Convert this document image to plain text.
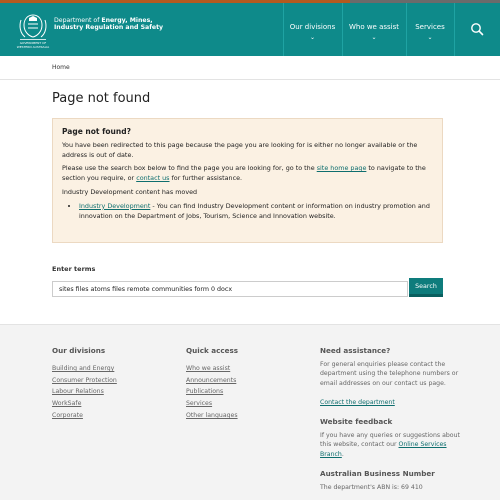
GOVERNMENT OF
WESTERN AUSTRALIA
Department of Energy, Mines,
Industry Regulation and Safety	Our divisions
⌄
Who we assist
⌄
Services
⌄
Home
Page not found
Page not found?

You have been redirected to this page because the page you are looking for is either no longer available or the address is out of date.

Please use the search box below to find the page you are looking for, go to the site home page to navigate to the section you require, or contact us for further assistance.

Industry Development content has moved

• Industry Development - You can find Industry Development content or information on industry promotion and innovation on the Department of Jobs, Tourism, Science and Innovation website.
Enter terms
sites files atoms files remote communities form 0 docx
Search
Our divisions
Building and Energy
Consumer Protection
Labour Relations
WorkSafe
Corporate
Quick access
Who we assist
Announcements
Publications
Services
Other languages
Need assistance?
For general enquiries please contact the department using the telephone numbers or email addresses on our contact us page.
Contact the department
Website feedback
If you have any queries or suggestions about this website, contact our Online Services Branch.
Australian Business Number
The department's ABN is: 69 410
